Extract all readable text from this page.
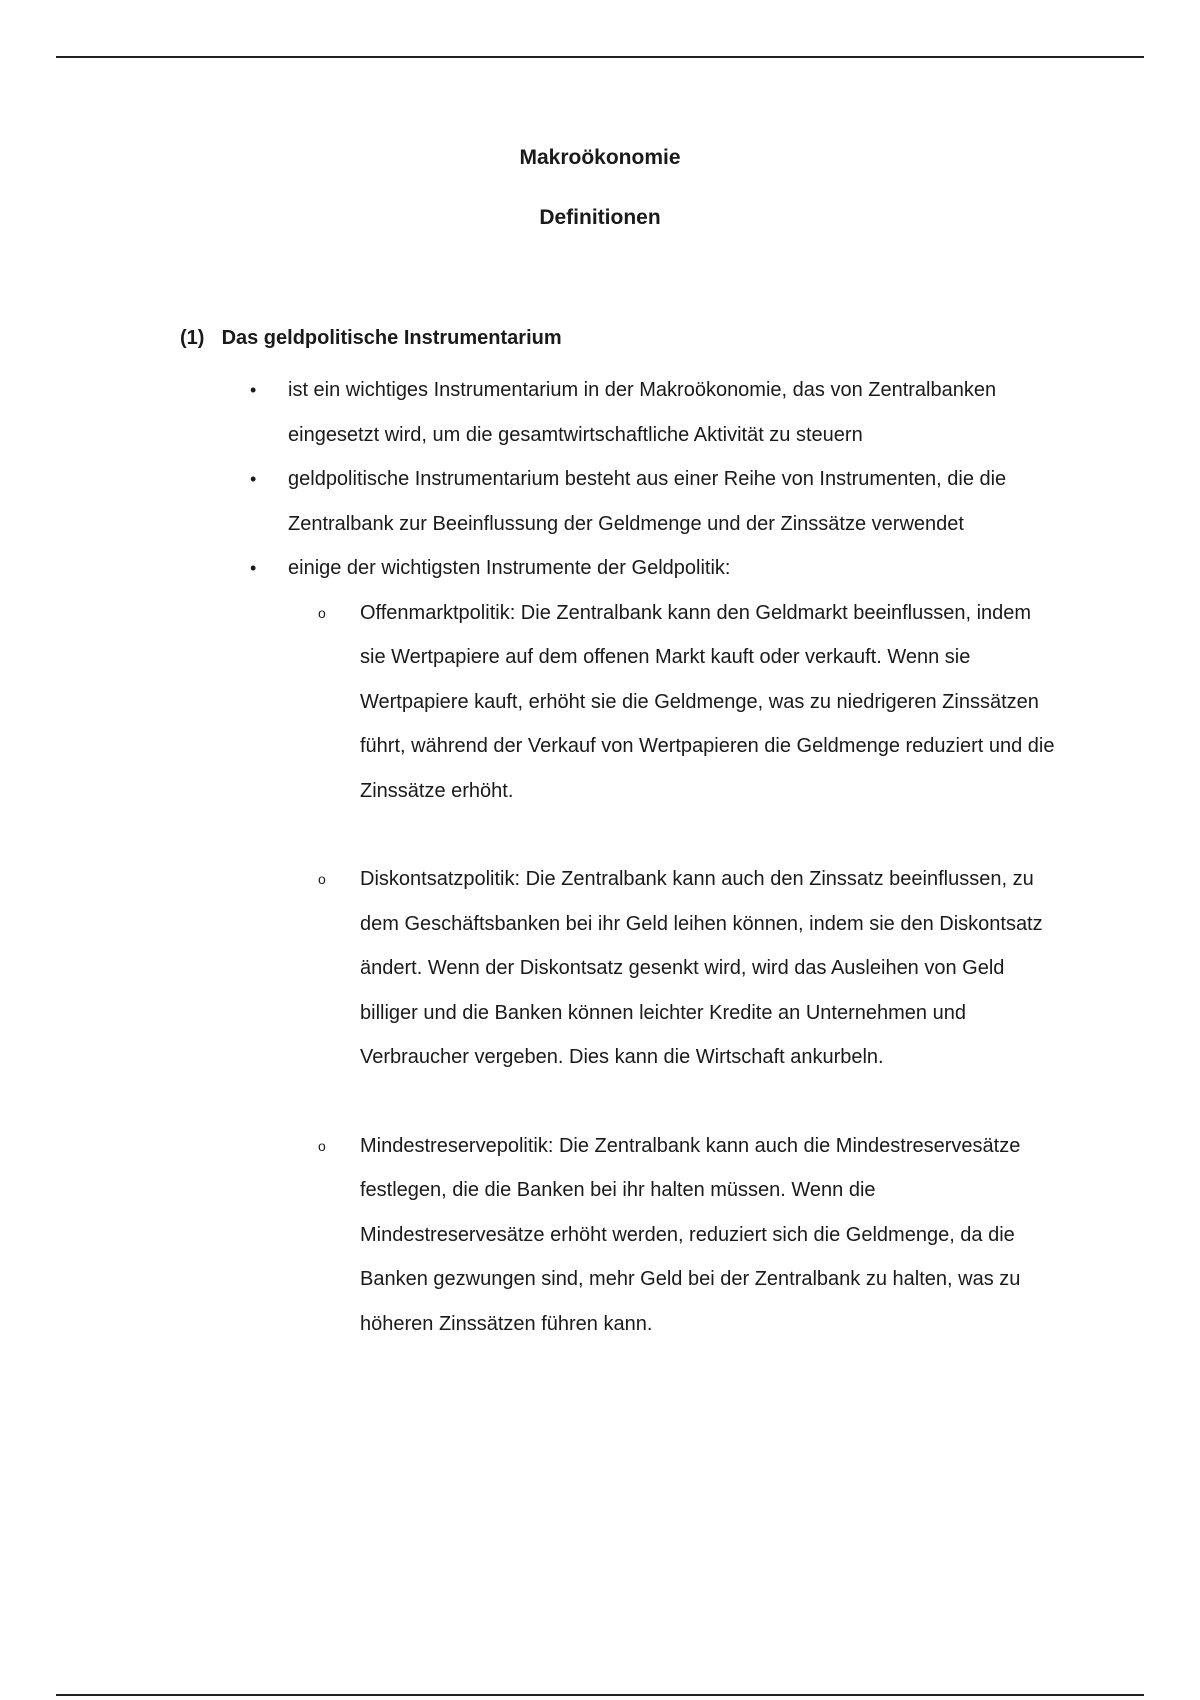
Makroökonomie
Definitionen
(1) Das geldpolitische Instrumentarium
• ist ein wichtiges Instrumentarium in der Makroökonomie, das von Zentralbanken eingesetzt wird, um die gesamtwirtschaftliche Aktivität zu steuern
• geldpolitische Instrumentarium besteht aus einer Reihe von Instrumenten, die die Zentralbank zur Beeinflussung der Geldmenge und der Zinssätze verwendet
• einige der wichtigsten Instrumente der Geldpolitik:
o Offenmarktpolitik: Die Zentralbank kann den Geldmarkt beeinflussen, indem sie Wertpapiere auf dem offenen Markt kauft oder verkauft. Wenn sie Wertpapiere kauft, erhöht sie die Geldmenge, was zu niedrigeren Zinssätzen führt, während der Verkauf von Wertpapieren die Geldmenge reduziert und die Zinssätze erhöht.
o Diskontsatzpolitik: Die Zentralbank kann auch den Zinssatz beeinflussen, zu dem Geschäftsbanken bei ihr Geld leihen können, indem sie den Diskontsatz ändert. Wenn der Diskontsatz gesenkt wird, wird das Ausleihen von Geld billiger und die Banken können leichter Kredite an Unternehmen und Verbraucher vergeben. Dies kann die Wirtschaft ankurbeln.
o Mindestreservepolitik: Die Zentralbank kann auch die Mindestreservesätze festlegen, die die Banken bei ihr halten müssen. Wenn die Mindestreservesätze erhöht werden, reduziert sich die Geldmenge, da die Banken gezwungen sind, mehr Geld bei der Zentralbank zu halten, was zu höheren Zinssätzen führen kann.
